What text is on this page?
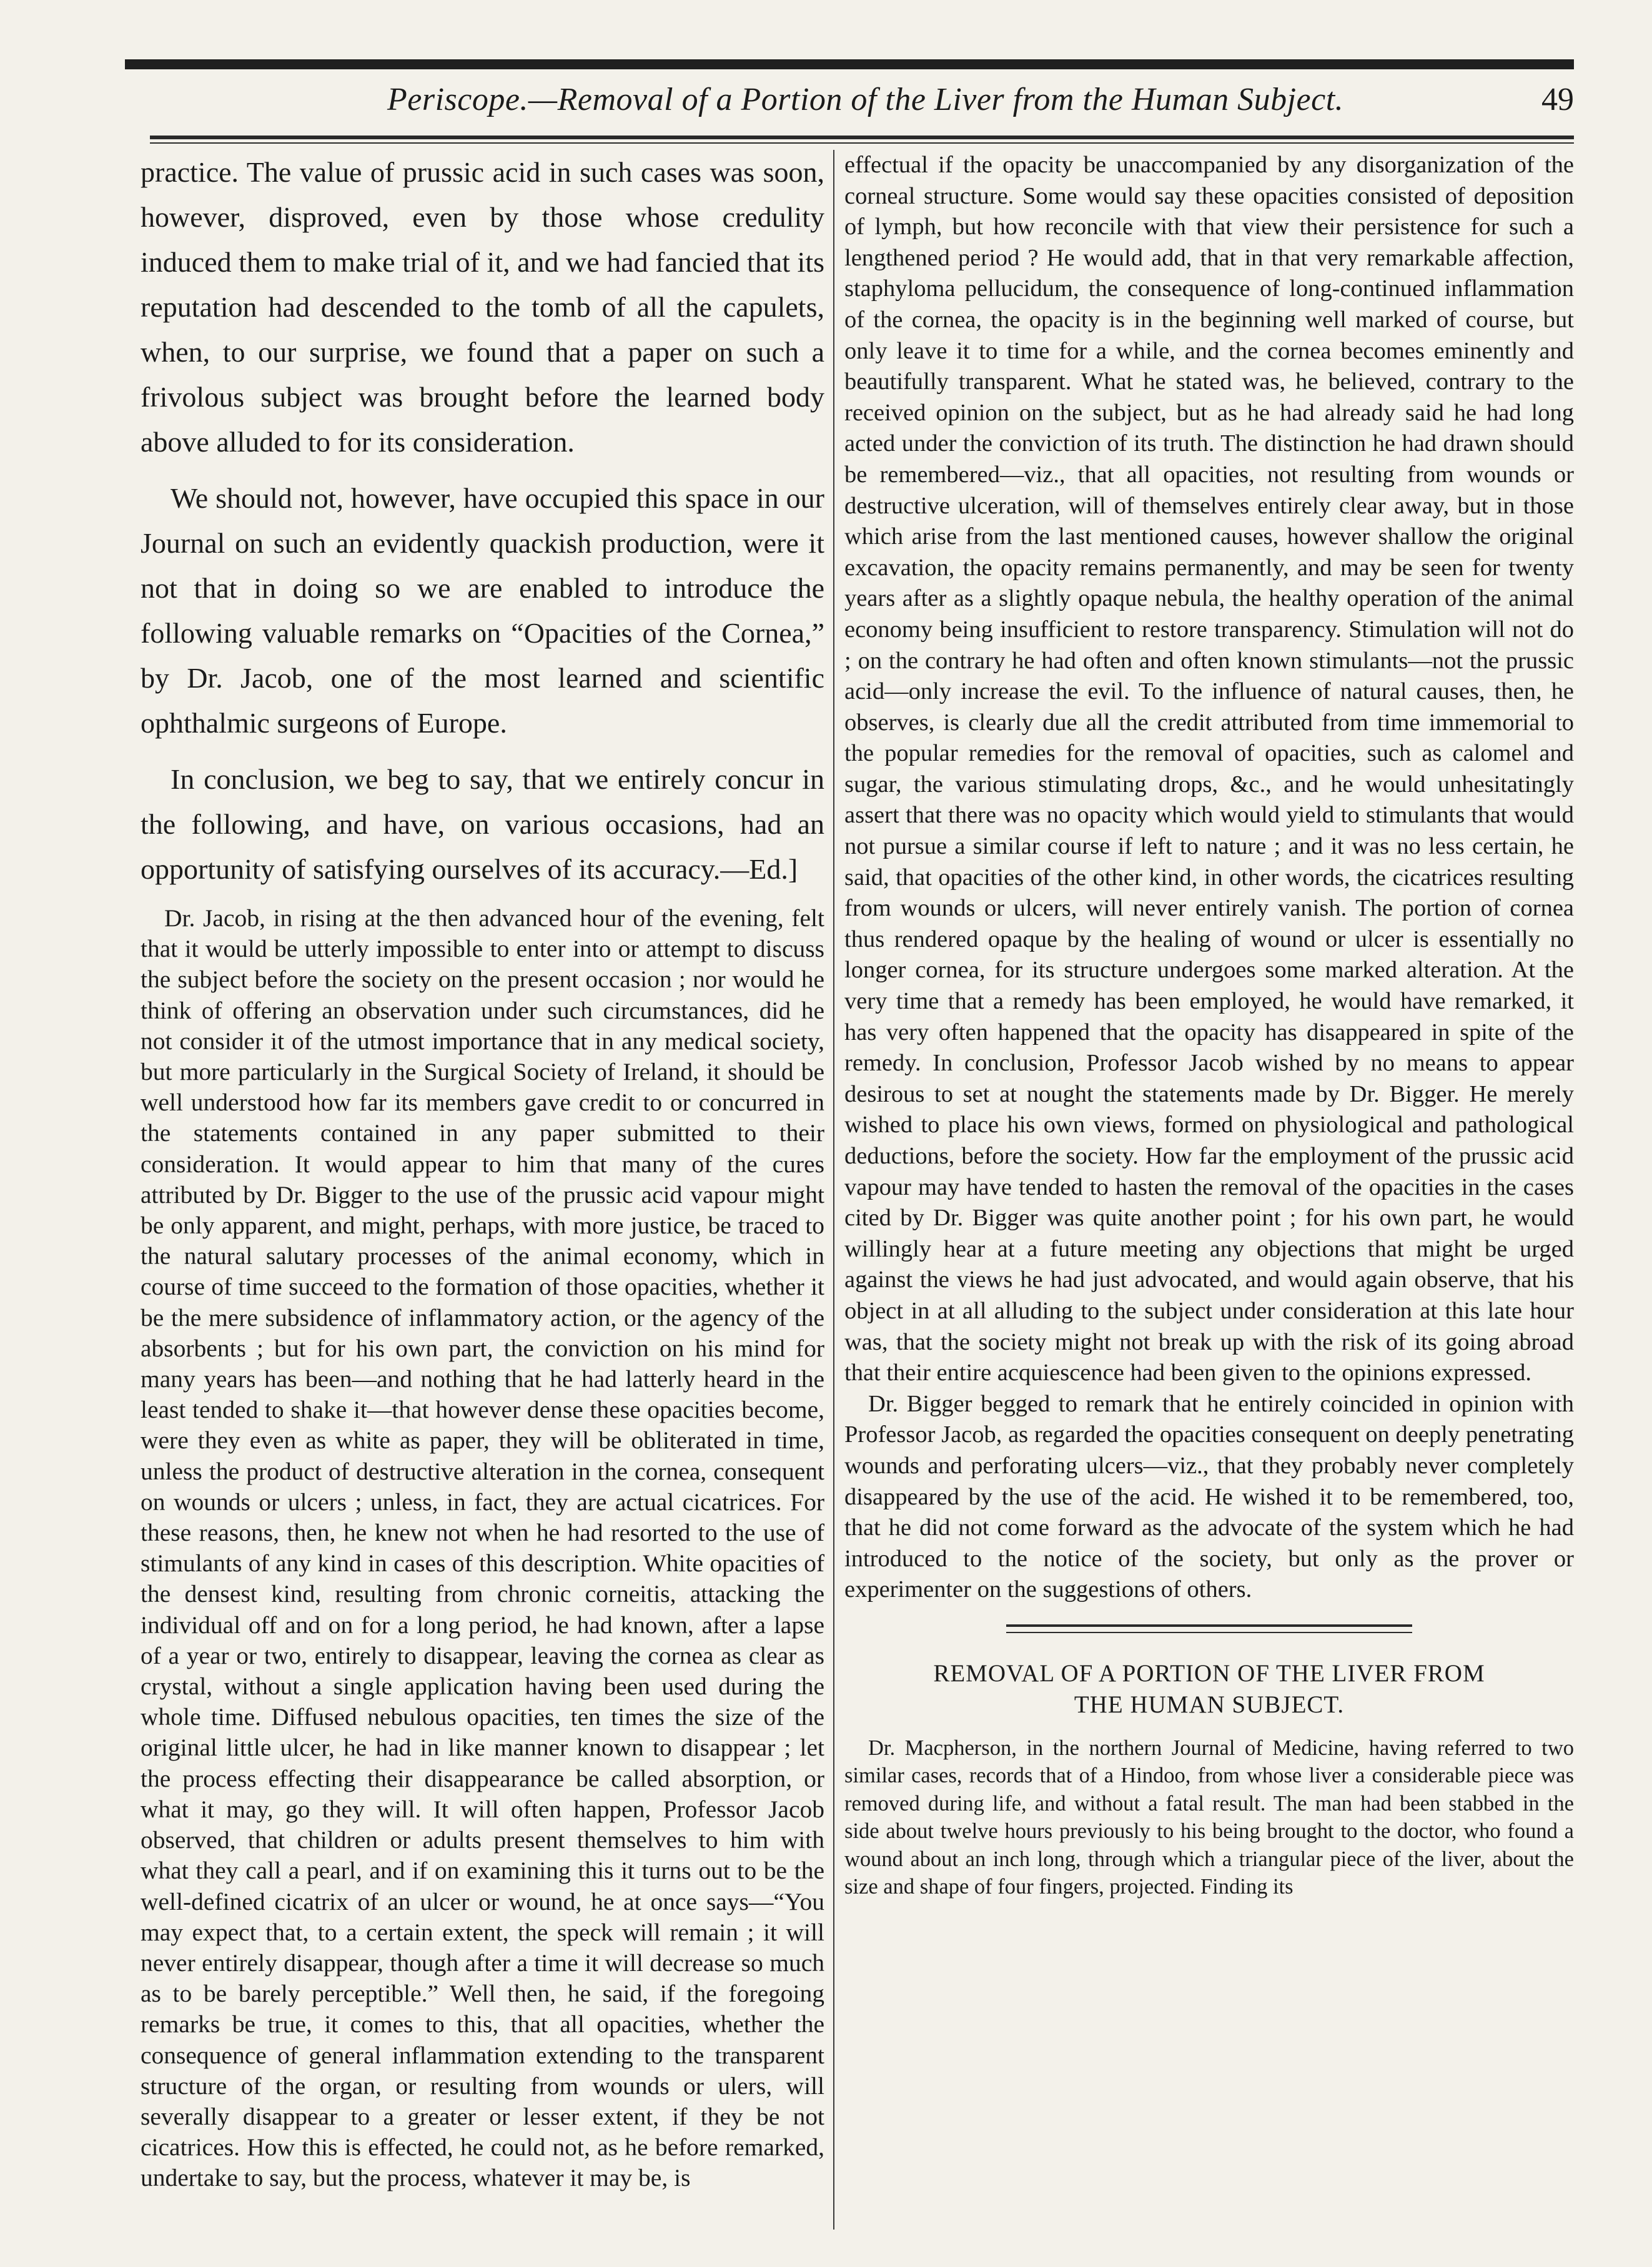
Periscope.—Removal of a Portion of the Liver from the Human Subject.	49

practice. The value of prussic acid in such cases was soon, however, disproved, even by those whose credulity induced them to make trial of it, and we had fancied that its reputation had descended to the tomb of all the capulets, when, to our surprise, we found that a paper on such a frivolous subject was brought before the learned body above alluded to for its consideration.

We should not, however, have occupied this space in our Journal on such an evidently quackish production, were it not that in doing so we are enabled to introduce the following valuable remarks on “Opacities of the Cornea,” by Dr. Jacob, one of the most learned and scientific ophthalmic surgeons of Europe.

In conclusion, we beg to say, that we entirely concur in the following, and have, on various occasions, had an opportunity of satisfying ourselves of its accuracy.—Ed.]

Dr. Jacob, in rising at the then advanced hour of the evening, felt that it would be utterly impossible to enter into or attempt to discuss the subject before the society on the present occasion ; nor would he think of offering an observation under such circumstances, did he not consider it of the utmost importance that in any medical society, but more particularly in the Surgical Society of Ireland, it should be well understood how far its members gave credit to or concurred in the statements contained in any paper submitted to their consideration. It would appear to him that many of the cures attributed by Dr. Bigger to the use of the prussic acid vapour might be only apparent, and might, perhaps, with more justice, be traced to the natural salutary processes of the animal economy, which in course of time succeed to the formation of those opacities, whether it be the mere subsidence of inflammatory action, or the agency of the absorbents ; but for his own part, the conviction on his mind for many years has been—and nothing that he had latterly heard in the least tended to shake it—that however dense these opacities become, were they even as white as paper, they will be obliterated in time, unless the product of destructive alteration in the cornea, consequent on wounds or ulcers ; unless, in fact, they are actual cicatrices. For these reasons, then, he knew not when he had resorted to the use of stimulants of any kind in cases of this description. White opacities of the densest kind, resulting from chronic corneitis, attacking the individual off and on for a long period, he had known, after a lapse of a year or two, entirely to disappear, leaving the cornea as clear as crystal, without a single application having been used during the whole time. Diffused nebulous opacities, ten times the size of the original little ulcer, he had in like manner known to disappear ; let the process effecting their disappearance be called absorption, or what it may, go they will. It will often happen, Professor Jacob observed, that children or adults present themselves to him with what they call a pearl, and if on examining this it turns out to be the well-defined cicatrix of an ulcer or wound, he at once says—“You may expect that, to a certain extent, the speck will remain ; it will never entirely disappear, though after a time it will decrease so much as to be barely perceptible.” Well then, he said, if the foregoing remarks be true, it comes to this, that all opacities, whether the consequence of general inflammation extending to the transparent structure of the organ, or resulting from wounds or ulers, will severally disappear to a greater or lesser extent, if they be not cicatrices. How this is effected, he could not, as he before remarked, undertake to say, but the process, whatever it may be, is

effectual if the opacity be unaccompanied by any disorganization of the corneal structure. Some would say these opacities consisted of deposition of lymph, but how reconcile with that view their persistence for such a lengthened period ? He would add, that in that very remarkable affection, staphyloma pellucidum, the consequence of long-continued inflammation of the cornea, the opacity is in the beginning well marked of course, but only leave it to time for a while, and the cornea becomes eminently and beautifully transparent. What he stated was, he believed, contrary to the received opinion on the subject, but as he had already said he had long acted under the conviction of its truth. The distinction he had drawn should be remembered—viz., that all opacities, not resulting from wounds or destructive ulceration, will of themselves entirely clear away, but in those which arise from the last mentioned causes, however shallow the original excavation, the opacity remains permanently, and may be seen for twenty years after as a slightly opaque nebula, the healthy operation of the animal economy being insufficient to restore transparency. Stimulation will not do ; on the contrary he had often and often known stimulants—not the prussic acid—only increase the evil. To the influence of natural causes, then, he observes, is clearly due all the credit attributed from time immemorial to the popular remedies for the removal of opacities, such as calomel and sugar, the various stimulating drops, &c., and he would unhesitatingly assert that there was no opacity which would yield to stimulants that would not pursue a similar course if left to nature ; and it was no less certain, he said, that opacities of the other kind, in other words, the cicatrices resulting from wounds or ulcers, will never entirely vanish. The portion of cornea thus rendered opaque by the healing of wound or ulcer is essentially no longer cornea, for its structure undergoes some marked alteration. At the very time that a remedy has been employed, he would have remarked, it has very often happened that the opacity has disappeared in spite of the remedy. In conclusion, Professor Jacob wished by no means to appear desirous to set at nought the statements made by Dr. Bigger. He merely wished to place his own views, formed on physiological and pathological deductions, before the society. How far the employment of the prussic acid vapour may have tended to hasten the removal of the opacities in the cases cited by Dr. Bigger was quite another point ; for his own part, he would willingly hear at a future meeting any objections that might be urged against the views he had just advocated, and would again observe, that his object in at all alluding to the subject under consideration at this late hour was, that the society might not break up with the risk of its going abroad that their entire acquiescence had been given to the opinions expressed.

Dr. Bigger begged to remark that he entirely coincided in opinion with Professor Jacob, as regarded the opacities consequent on deeply penetrating wounds and perforating ulcers—viz., that they probably never completely disappeared by the use of the acid. He wished it to be remembered, too, that he did not come forward as the advocate of the system which he had introduced to the notice of the society, but only as the prover or experimenter on the suggestions of others.

REMOVAL OF A PORTION OF THE LIVER FROM
THE HUMAN SUBJECT.

Dr. Macpherson, in the northern Journal of Medicine, having referred to two similar cases, records that of a Hindoo, from whose liver a considerable piece was removed during life, and without a fatal result. The man had been stabbed in the side about twelve hours previously to his being brought to the doctor, who found a wound about an inch long, through which a triangular piece of the liver, about the size and shape of four fingers, projected. Finding its
